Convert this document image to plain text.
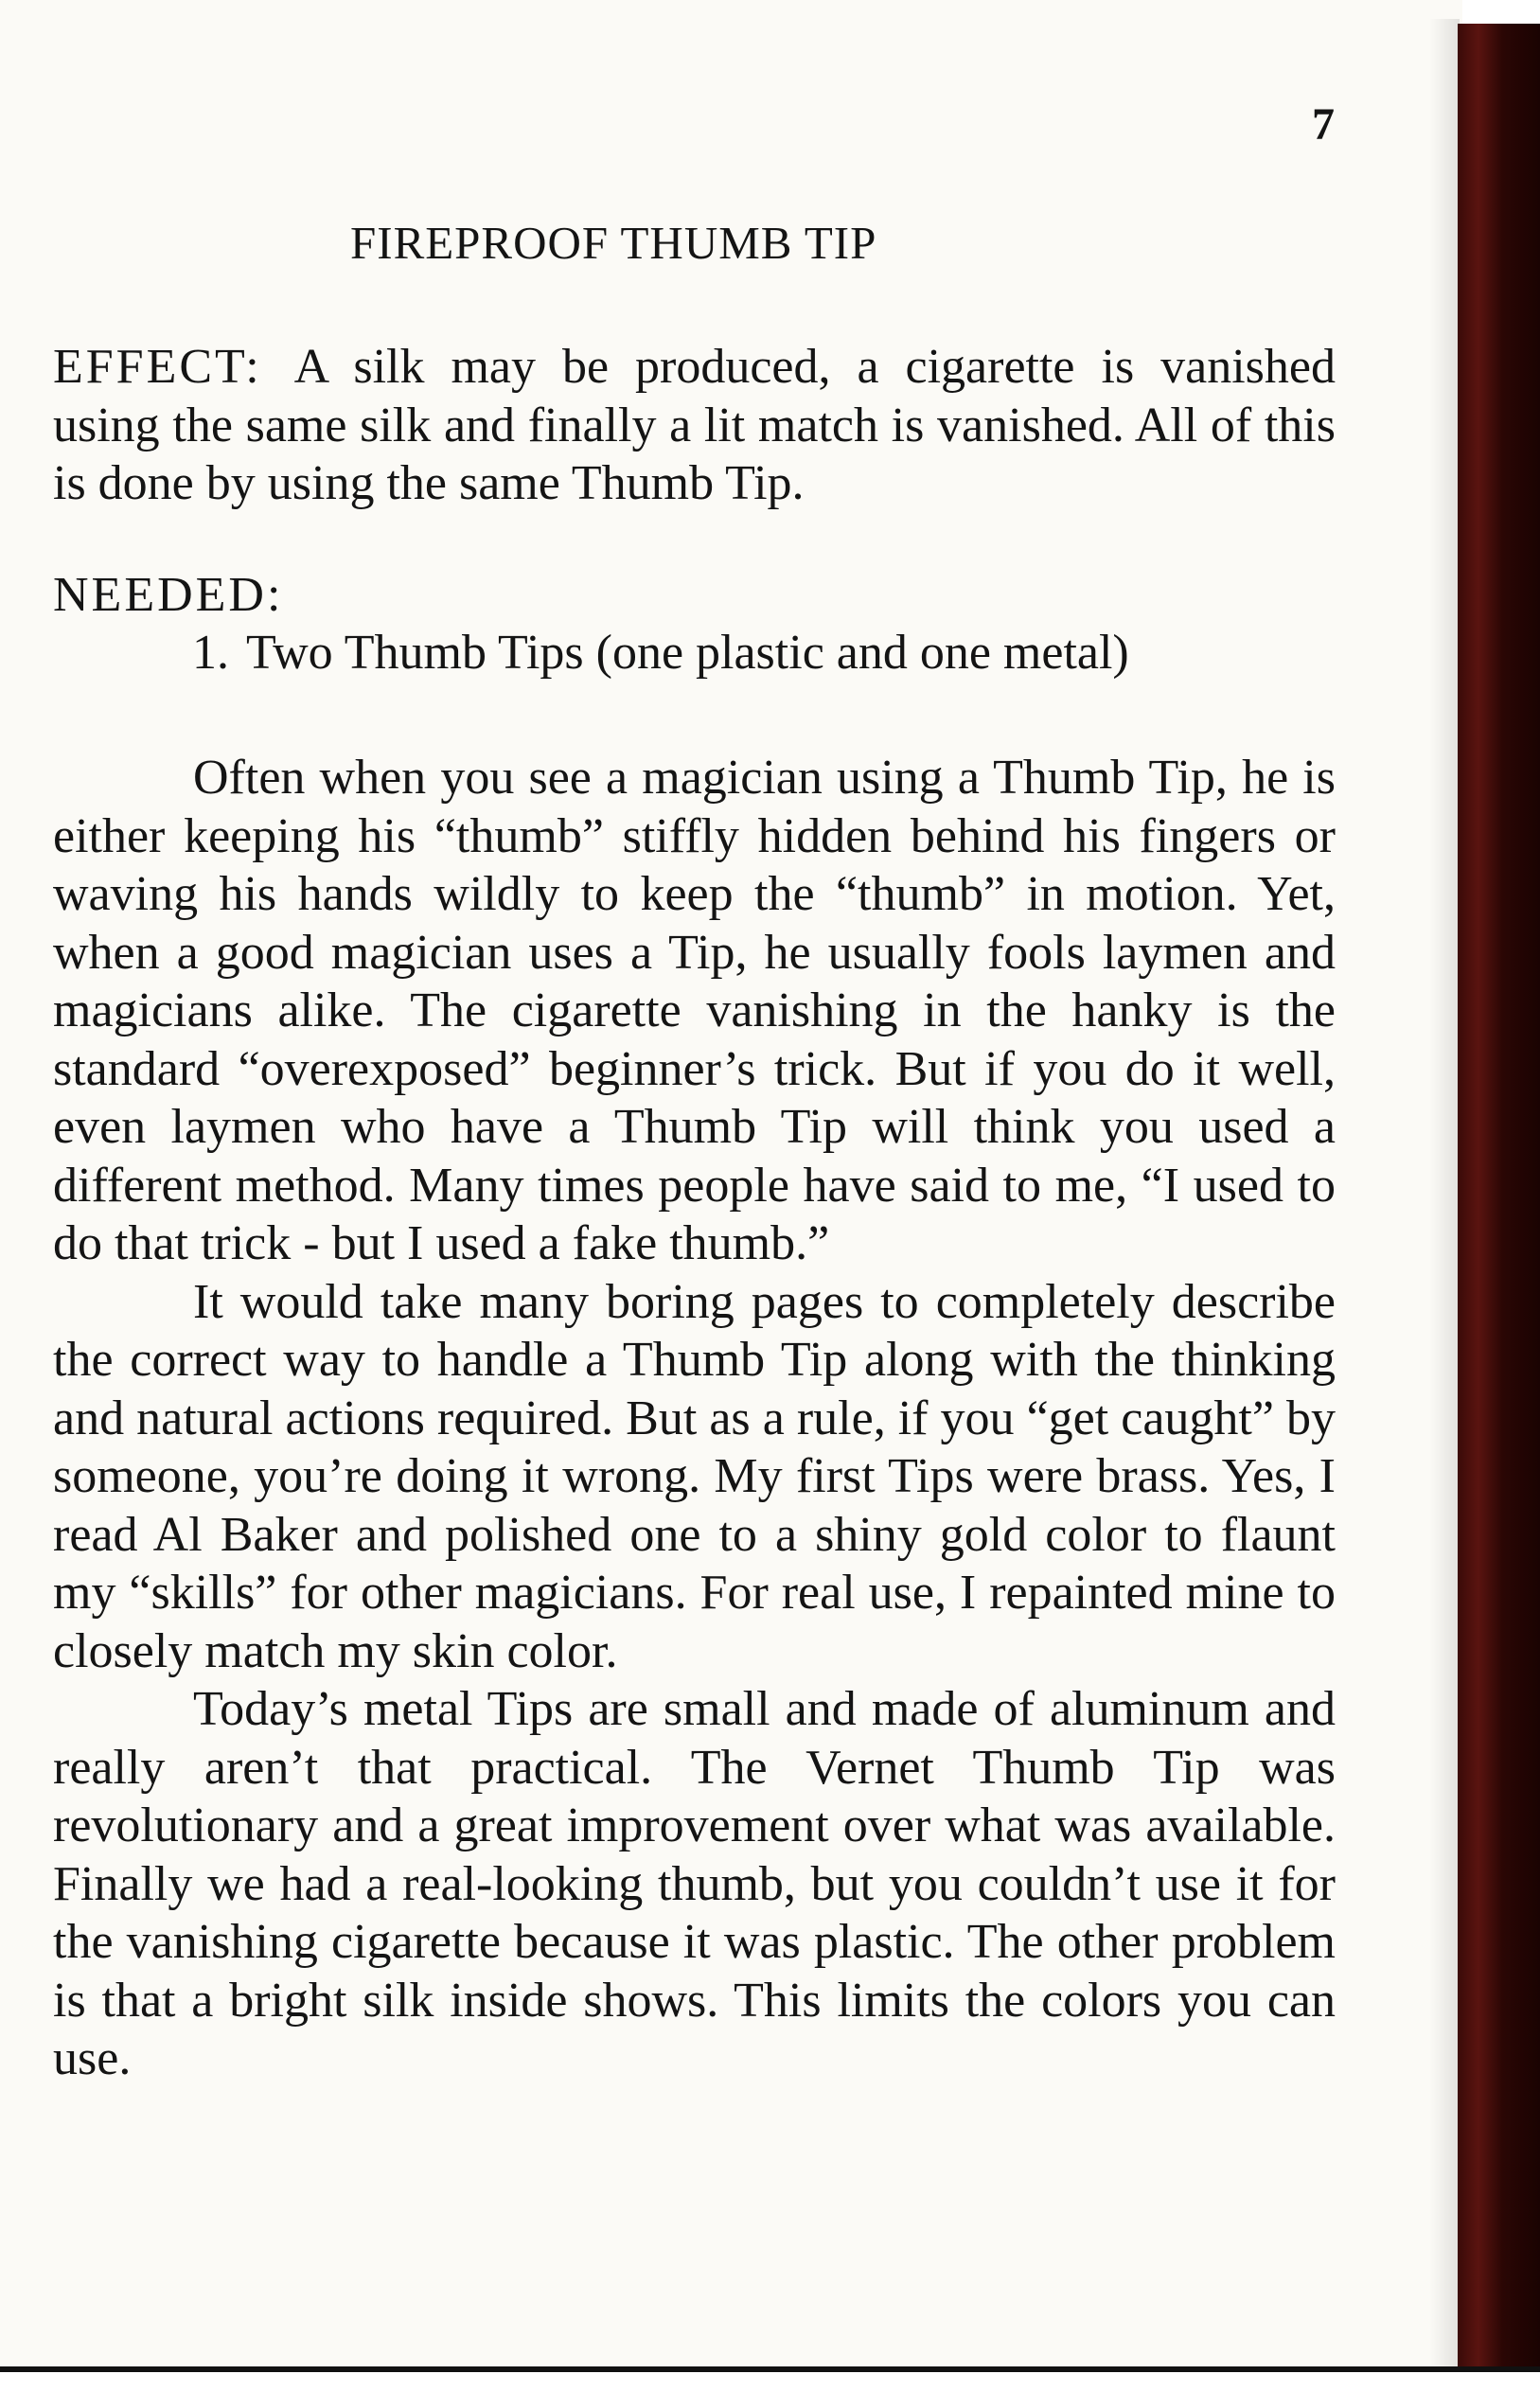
7
FIREPROOF THUMB TIP

EFFECT: A silk may be produced, a cigarette is vanished using the same silk and finally a lit match is vanished. All of this is done by using the same Thumb Tip.

NEEDED:
1. Two Thumb Tips (one plastic and one metal)

Often when you see a magician using a Thumb Tip, he is either keeping his “thumb” stiffly hidden behind his fingers or waving his hands wildly to keep the “thumb” in motion. Yet, when a good magician uses a Tip, he usually fools laymen and magicians alike. The cigarette vanishing in the hanky is the standard “overexposed” beginner’s trick. But if you do it well, even laymen who have a Thumb Tip will think you used a different method. Many times people have said to me, “I used to do that trick - but I used a fake thumb.”

It would take many boring pages to completely describe the correct way to handle a Thumb Tip along with the thinking and natural actions required. But as a rule, if you “get caught” by someone, you’re doing it wrong. My first Tips were brass. Yes, I read Al Baker and polished one to a shiny gold color to flaunt my “skills” for other magicians. For real use, I repainted mine to closely match my skin color.

Today’s metal Tips are small and made of aluminum and really aren’t that practical. The Vernet Thumb Tip was revolutionary and a great improvement over what was available. Finally we had a real-looking thumb, but you couldn’t use it for the vanishing cigarette because it was plastic. The other problem is that a bright silk inside shows. This limits the colors you can use.
